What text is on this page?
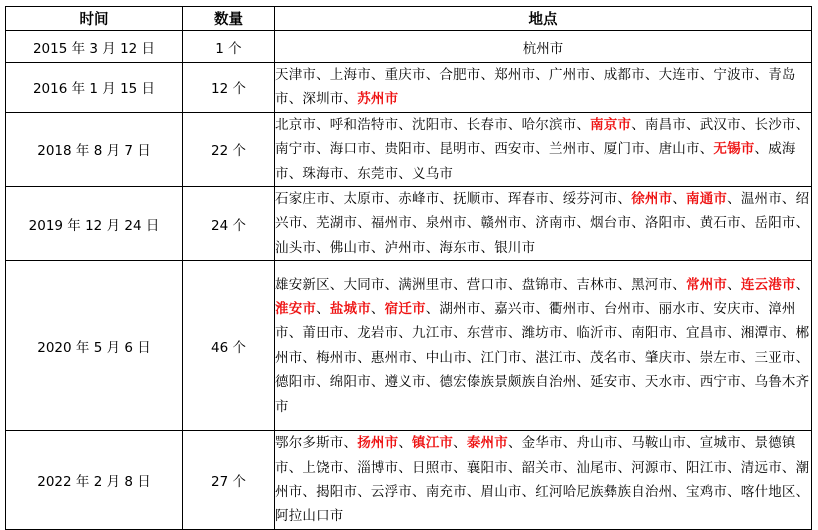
时间	数量	地点
2015 年 3 月 12 日	1 个	杭州市
2016 年 1 月 15 日	12 个	天津市、上海市、重庆市、合肥市、郑州市、广州市、成都市、大连市、宁波市、青岛市、深圳市、苏州市
2018 年 8 月 7 日	22 个	北京市、呼和浩特市、沈阳市、长春市、哈尔滨市、南京市、南昌市、武汉市、长沙市、南宁市、海口市、贵阳市、昆明市、西安市、兰州市、厦门市、唐山市、无锡市、威海市、珠海市、东莞市、义乌市
2019 年 12 月 24 日	24 个	石家庄市、太原市、赤峰市、抚顺市、珲春市、绥芬河市、徐州市、南通市、温州市、绍兴市、芜湖市、福州市、泉州市、赣州市、济南市、烟台市、洛阳市、黄石市、岳阳市、汕头市、佛山市、泸州市、海东市、银川市
2020 年 5 月 6 日	46 个	雄安新区、大同市、满洲里市、营口市、盘锦市、吉林市、黑河市、常州市、连云港市、淮安市、盐城市、宿迁市、湖州市、嘉兴市、衢州市、台州市、丽水市、安庆市、漳州市、莆田市、龙岩市、九江市、东营市、潍坊市、临沂市、南阳市、宜昌市、湘潭市、郴州市、梅州市、惠州市、中山市、江门市、湛江市、茂名市、肇庆市、崇左市、三亚市、德阳市、绵阳市、遵义市、德宏傣族景颇族自治州、延安市、天水市、西宁市、乌鲁木齐市
2022 年 2 月 8 日	27 个	鄂尔多斯市、扬州市、镇江市、泰州市、金华市、舟山市、马鞍山市、宣城市、景德镇市、上饶市、淄博市、日照市、襄阳市、韶关市、汕尾市、河源市、阳江市、清远市、潮州市、揭阳市、云浮市、南充市、眉山市、红河哈尼族彝族自治州、宝鸡市、喀什地区、阿拉山口市
